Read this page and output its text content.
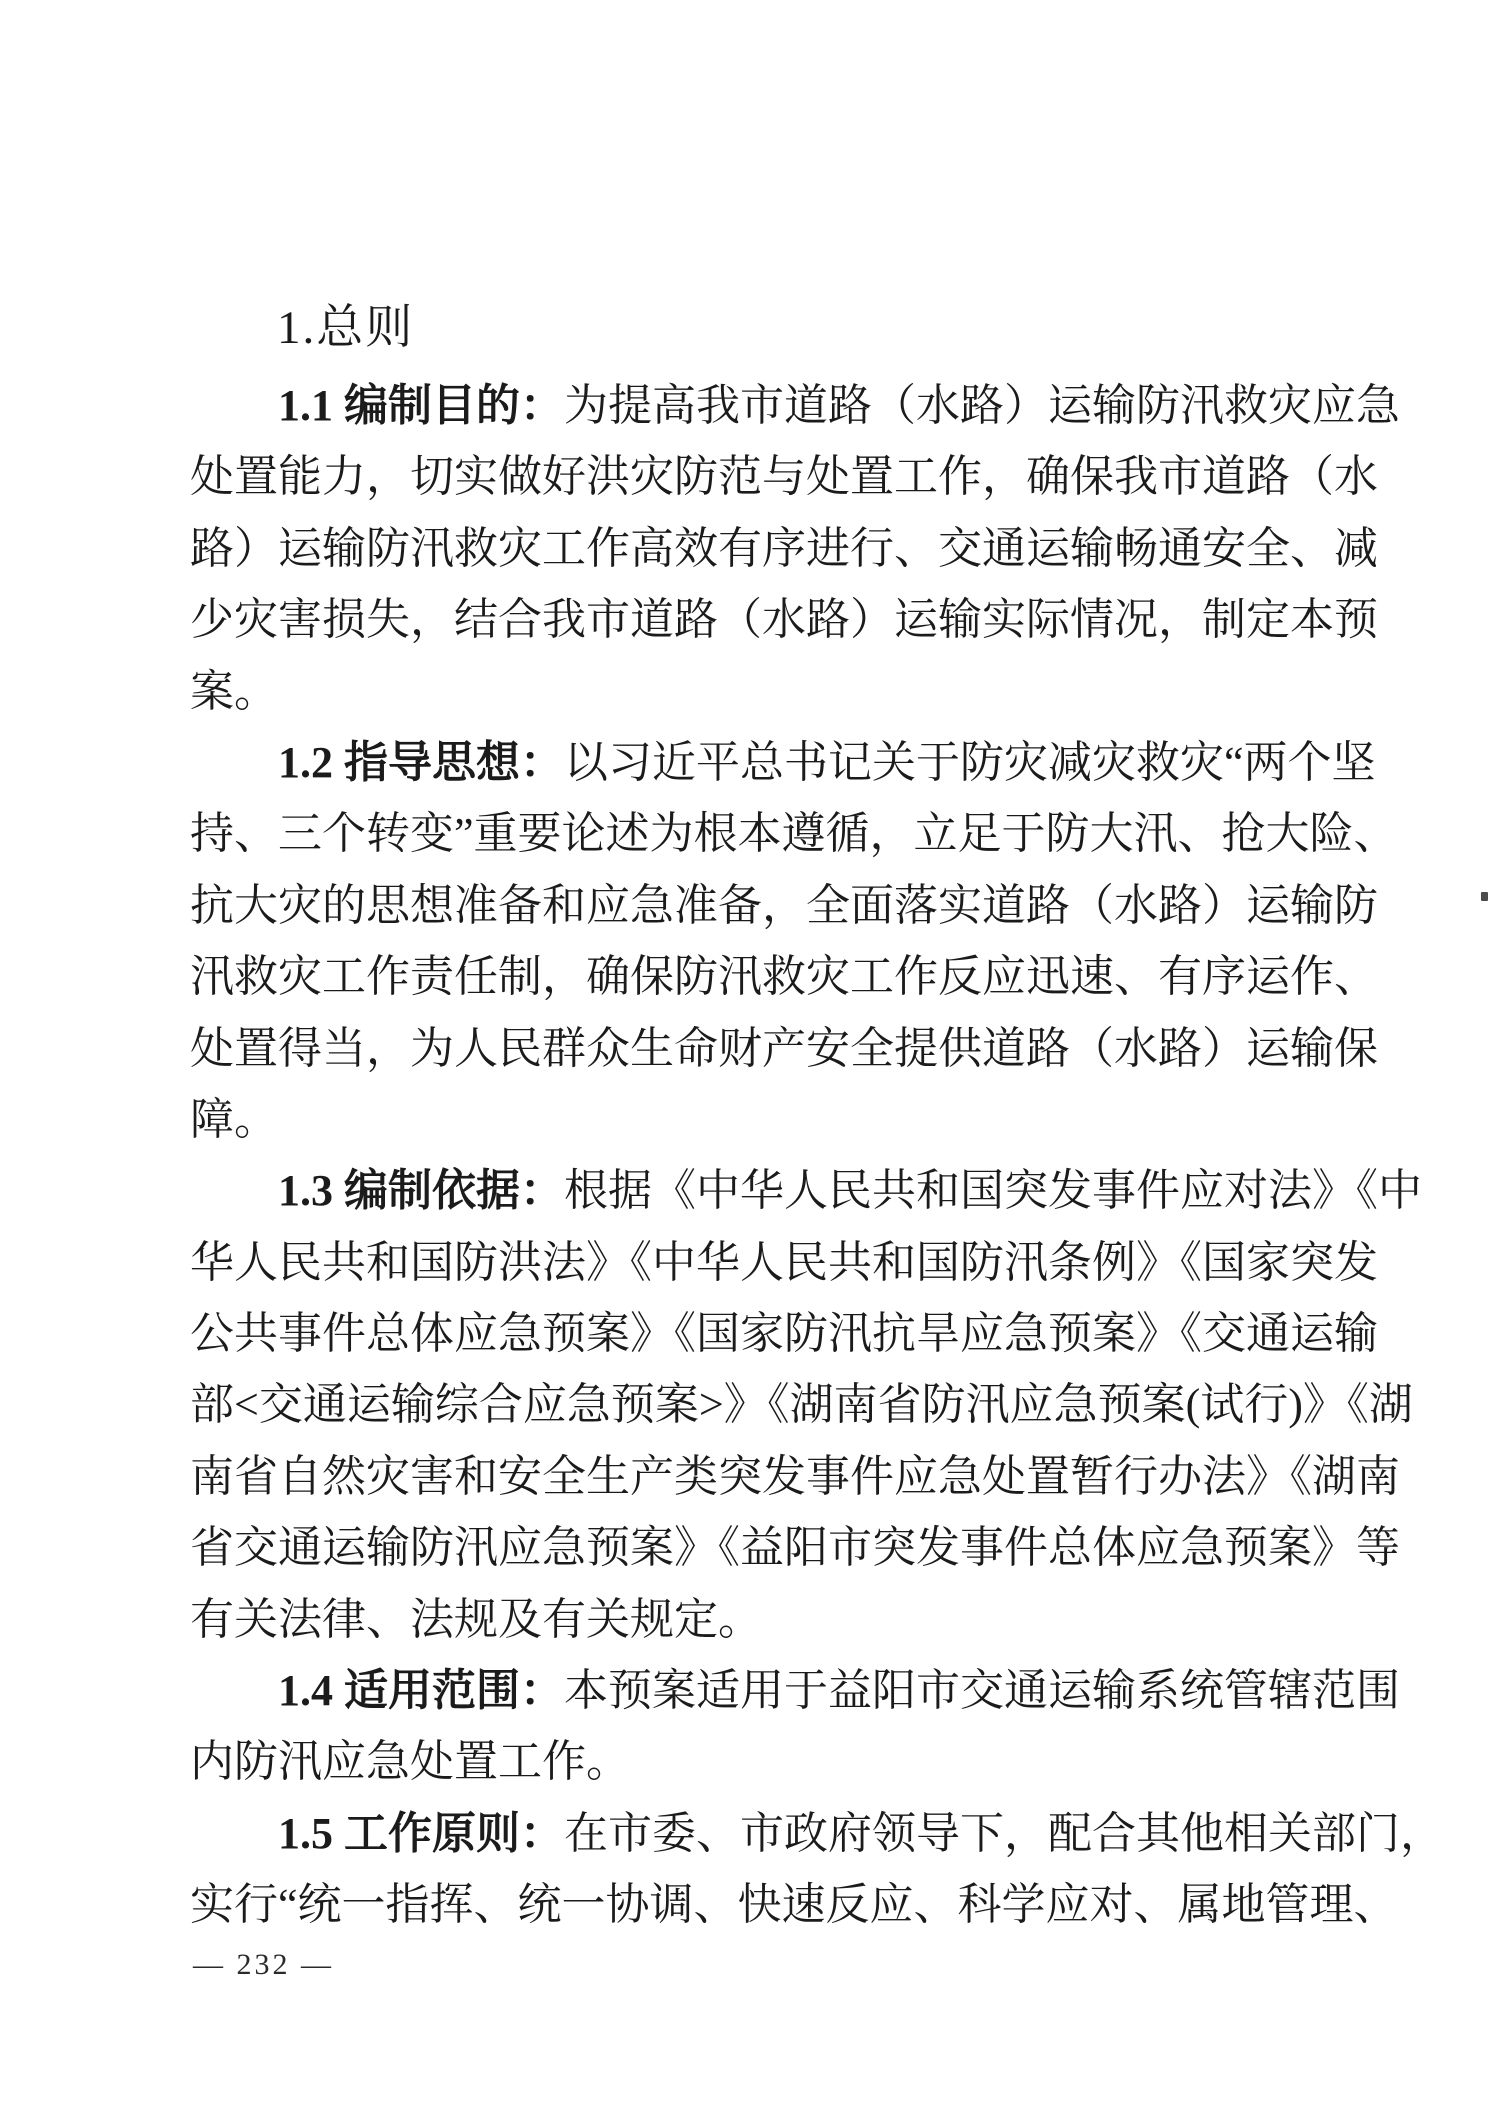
1.总则
1.1 编制目的：为提高我市道路（水路）运输防汛救灾应急
处置能力，切实做好洪灾防范与处置工作，确保我市道路（水
路）运输防汛救灾工作高效有序进行、交通运输畅通安全、减
少灾害损失，结合我市道路（水路）运输实际情况，制定本预
案。
1.2 指导思想：以习近平总书记关于防灾减灾救灾“两个坚
持、三个转变”重要论述为根本遵循，立足于防大汛、抢大险、
抗大灾的思想准备和应急准备，全面落实道路（水路）运输防
汛救灾工作责任制，确保防汛救灾工作反应迅速、有序运作、
处置得当，为人民群众生命财产安全提供道路（水路）运输保
障。
1.3 编制依据：根据《中华人民共和国突发事件应对法》《中
华人民共和国防洪法》《中华人民共和国防汛条例》《国家突发
公共事件总体应急预案》《国家防汛抗旱应急预案》《交通运输
部<交通运输综合应急预案>》《湖南省防汛应急预案(试行)》《湖
南省自然灾害和安全生产类突发事件应急处置暂行办法》《湖南
省交通运输防汛应急预案》《益阳市突发事件总体应急预案》等
有关法律、法规及有关规定。
1.4 适用范围：本预案适用于益阳市交通运输系统管辖范围
内防汛应急处置工作。
1.5 工作原则：在市委、市政府领导下，配合其他相关部门，
实行“统一指挥、统一协调、快速反应、科学应对、属地管理、
— 232 —
